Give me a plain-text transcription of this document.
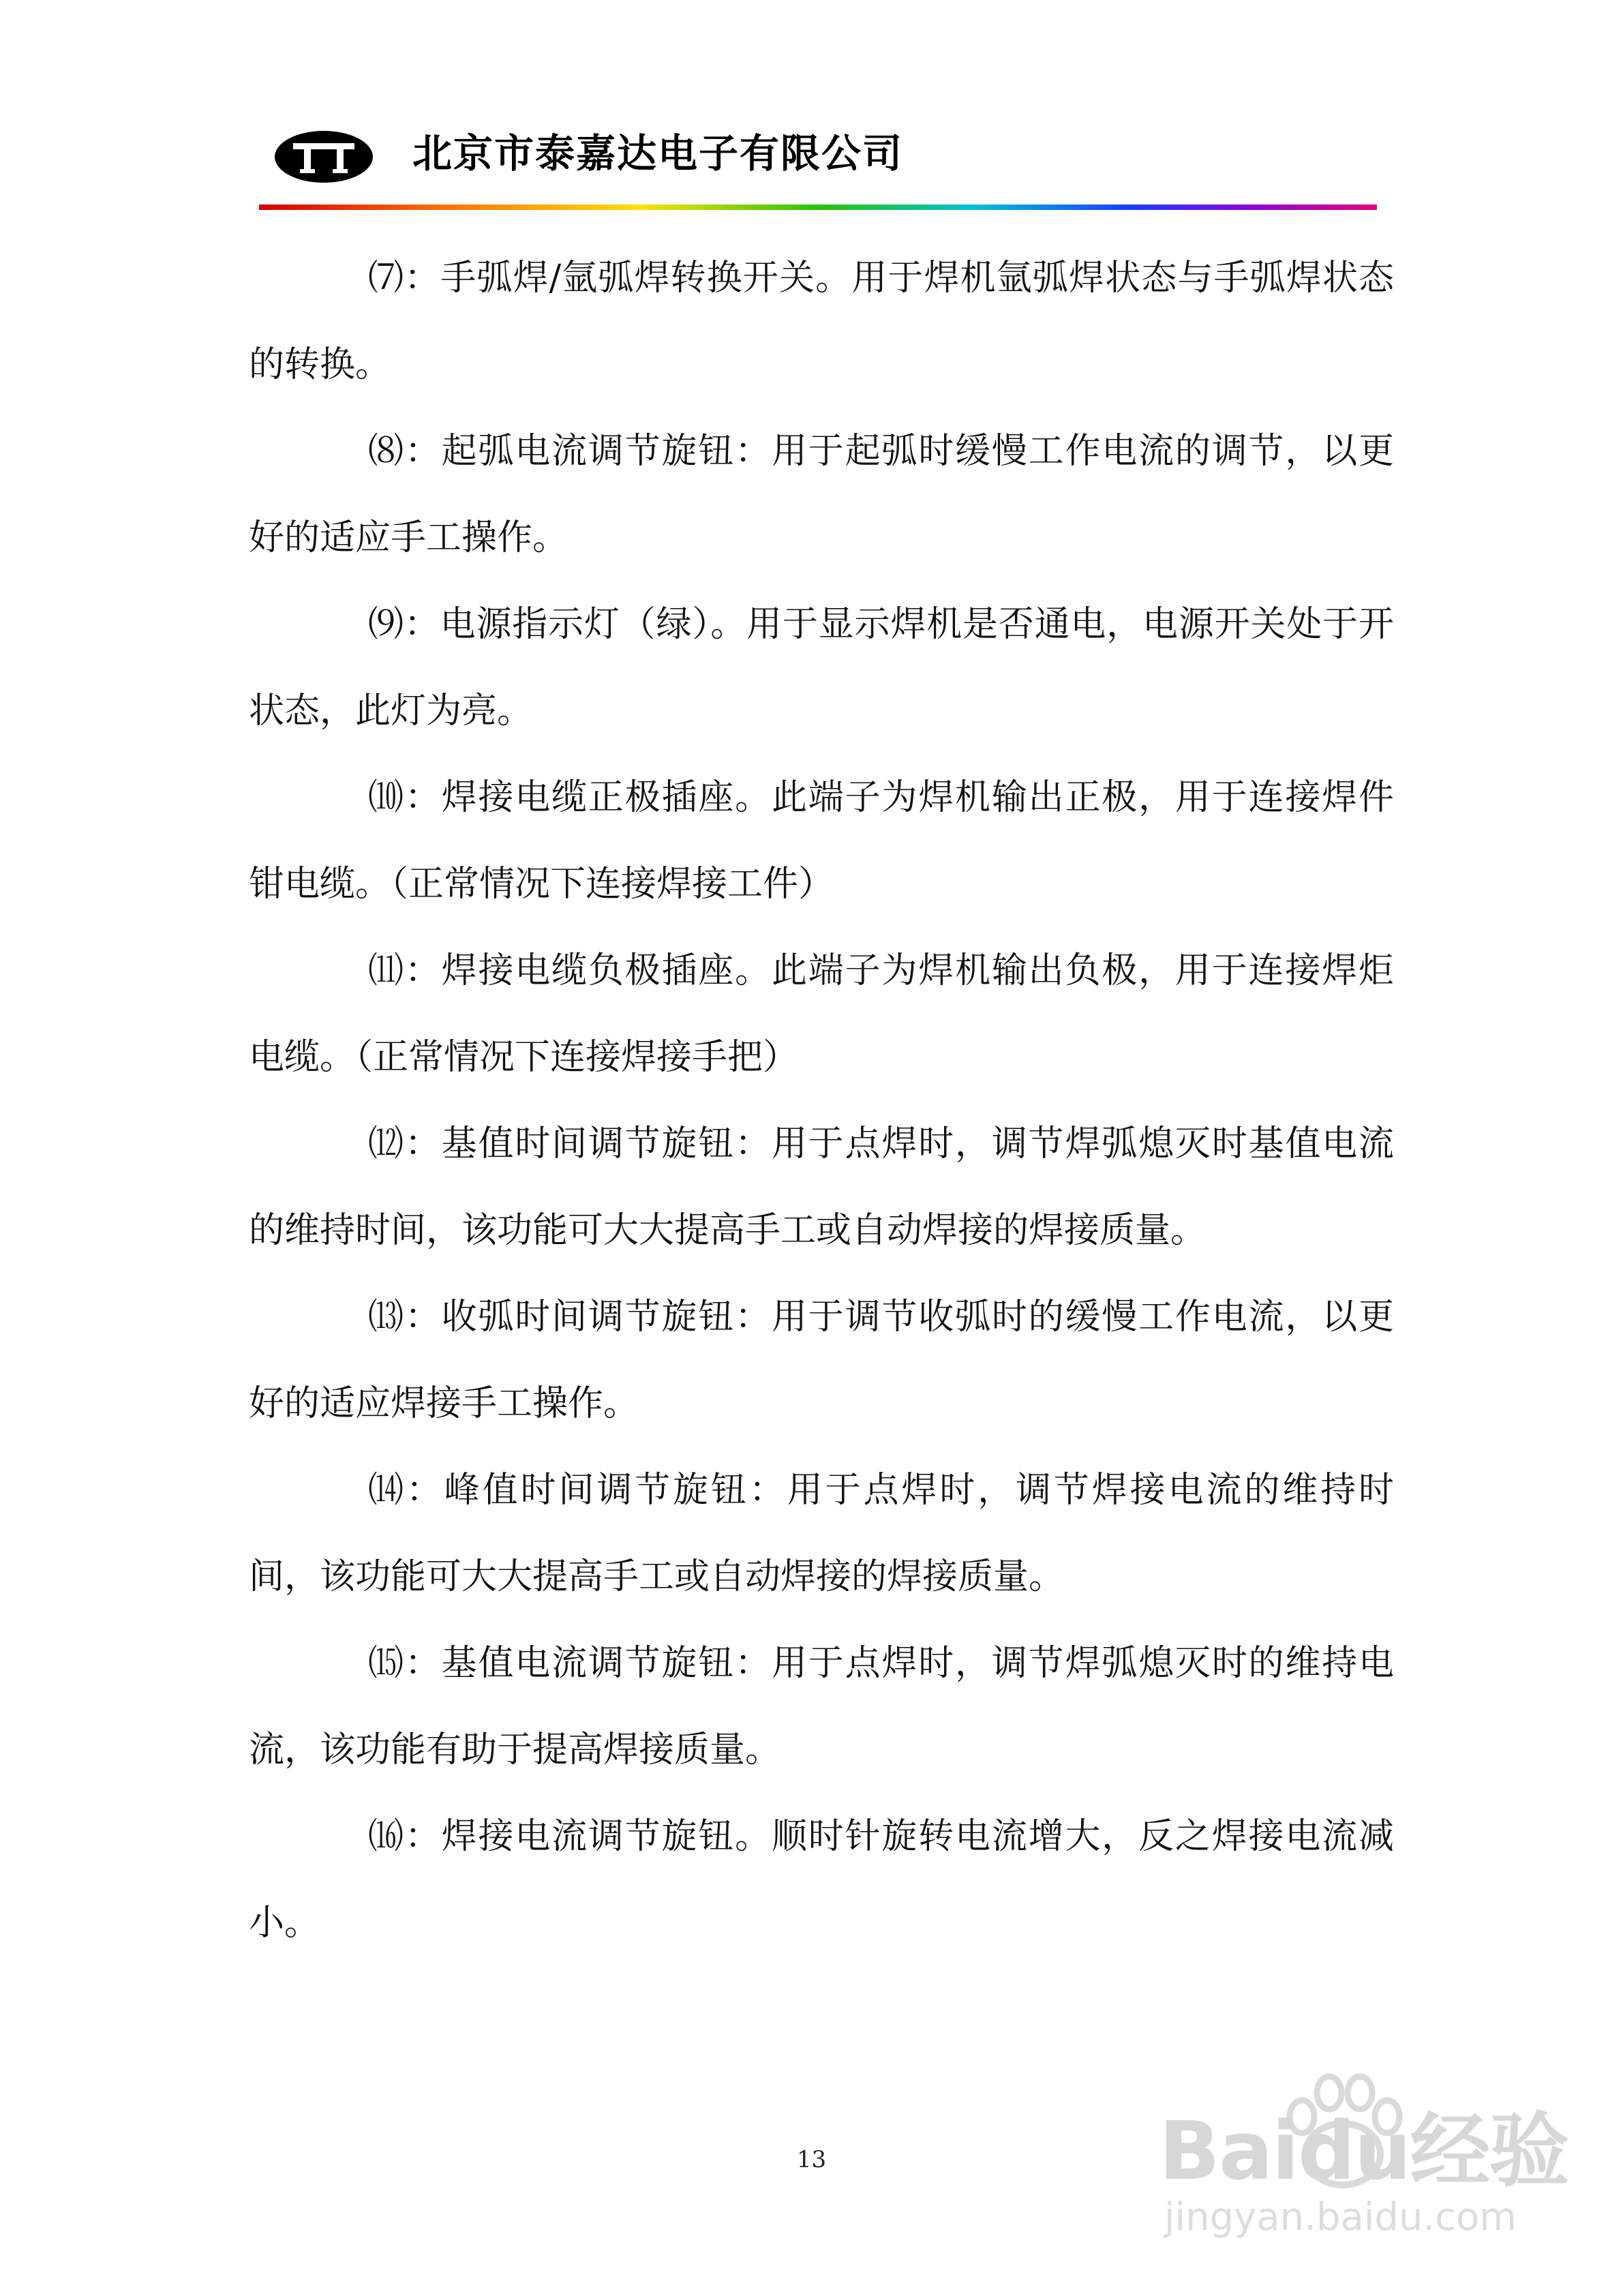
北京市泰嘉达电子有限公司

⑺：手弧焊/氩弧焊转换开关。用于焊机氩弧焊状态与手弧焊状态的转换。

⑻：起弧电流调节旋钮：用于起弧时缓慢工作电流的调节，以更好的适应手工操作。

⑼：电源指示灯（绿）。用于显示焊机是否通电，电源开关处于开状态，此灯为亮。

⑽：焊接电缆正极插座。此端子为焊机输出正极，用于连接焊件钳电缆。（正常情况下连接焊接工件）

⑾：焊接电缆负极插座。此端子为焊机输出负极，用于连接焊炬电缆。（正常情况下连接焊接手把）

⑿：基值时间调节旋钮：用于点焊时，调节焊弧熄灭时基值电流的维持时间，该功能可大大提高手工或自动焊接的焊接质量。

⒀：收弧时间调节旋钮：用于调节收弧时的缓慢工作电流，以更好的适应焊接手工操作。

⒁：峰值时间调节旋钮：用于点焊时，调节焊接电流的维持时间，该功能可大大提高手工或自动焊接的焊接质量。

⒂：基值电流调节旋钮：用于点焊时，调节焊弧熄灭时的维持电流，该功能有助于提高焊接质量。

⒃：焊接电流调节旋钮。顺时针旋转电流增大，反之焊接电流减小。

13	Baidu经验
jingyan.baidu.com
